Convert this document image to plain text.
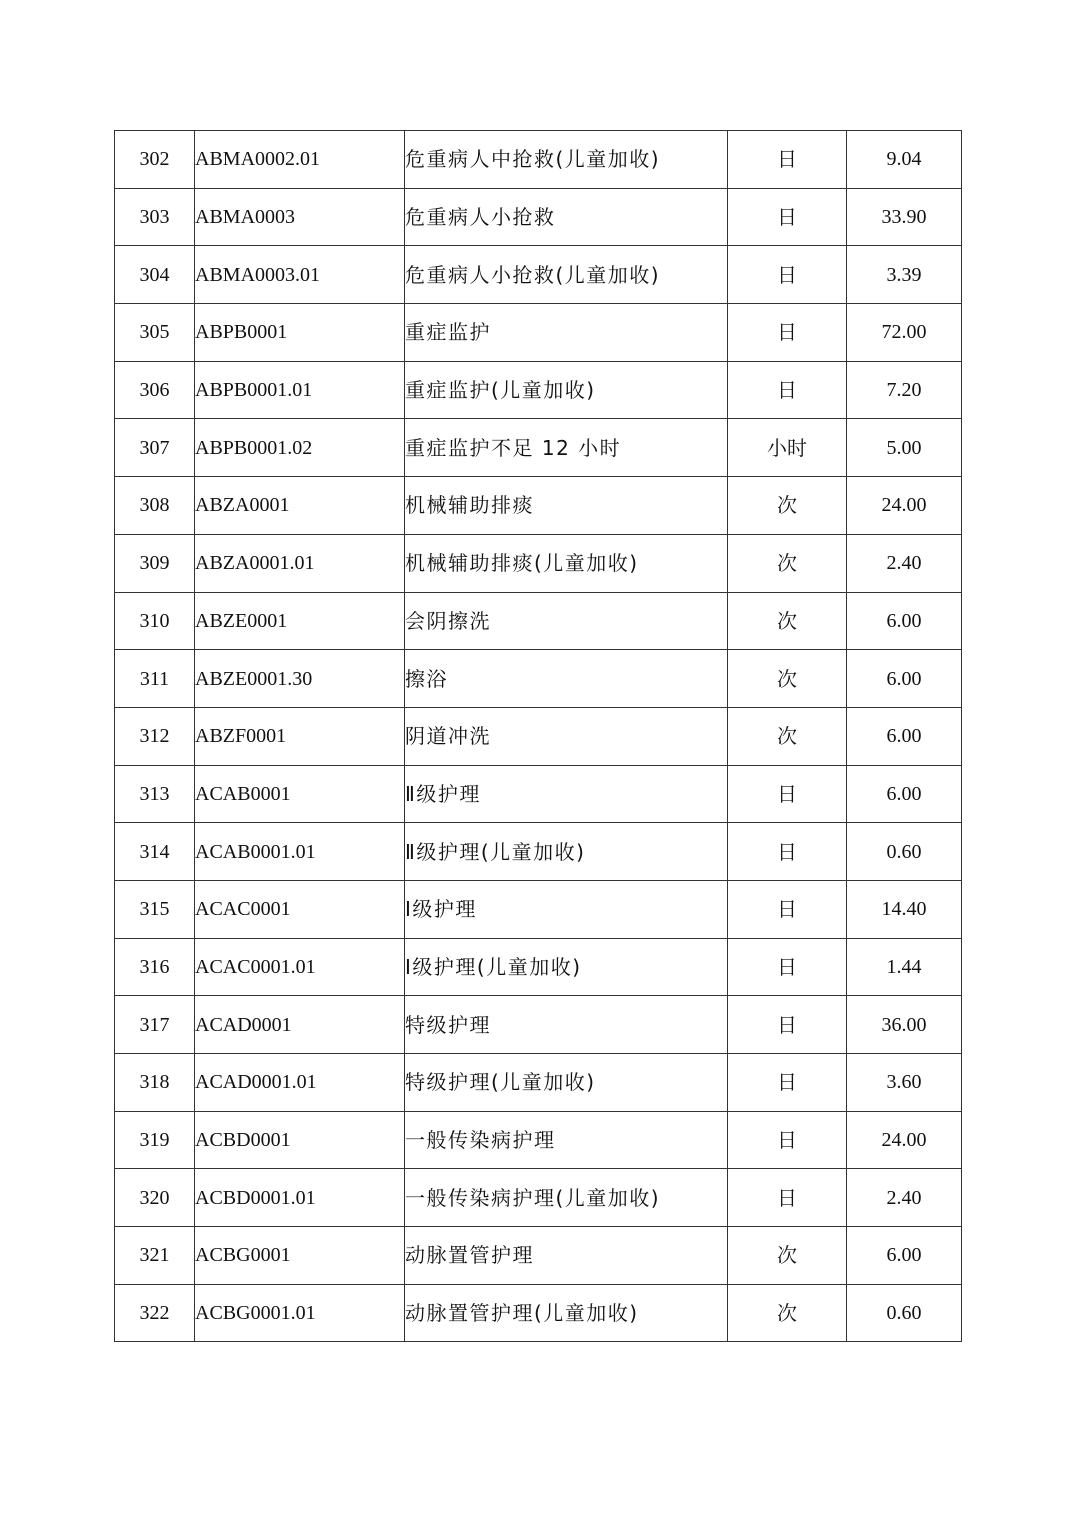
302	ABMA0002.01	危重病人中抢救(儿童加收)	日	9.04
303	ABMA0003	危重病人小抢救	日	33.90
304	ABMA0003.01	危重病人小抢救(儿童加收)	日	3.39
305	ABPB0001	重症监护	日	72.00
306	ABPB0001.01	重症监护(儿童加收)	日	7.20
307	ABPB0001.02	重症监护不足 12 小时	小时	5.00
308	ABZA0001	机械辅助排痰	次	24.00
309	ABZA0001.01	机械辅助排痰(儿童加收)	次	2.40
310	ABZE0001	会阴擦洗	次	6.00
311	ABZE0001.30	擦浴	次	6.00
312	ABZF0001	阴道冲洗	次	6.00
313	ACAB0001	Ⅱ级护理	日	6.00
314	ACAB0001.01	Ⅱ级护理(儿童加收)	日	0.60
315	ACAC0001	Ⅰ级护理	日	14.40
316	ACAC0001.01	Ⅰ级护理(儿童加收)	日	1.44
317	ACAD0001	特级护理	日	36.00
318	ACAD0001.01	特级护理(儿童加收)	日	3.60
319	ACBD0001	一般传染病护理	日	24.00
320	ACBD0001.01	一般传染病护理(儿童加收)	日	2.40
321	ACBG0001	动脉置管护理	次	6.00
322	ACBG0001.01	动脉置管护理(儿童加收)	次	0.60
